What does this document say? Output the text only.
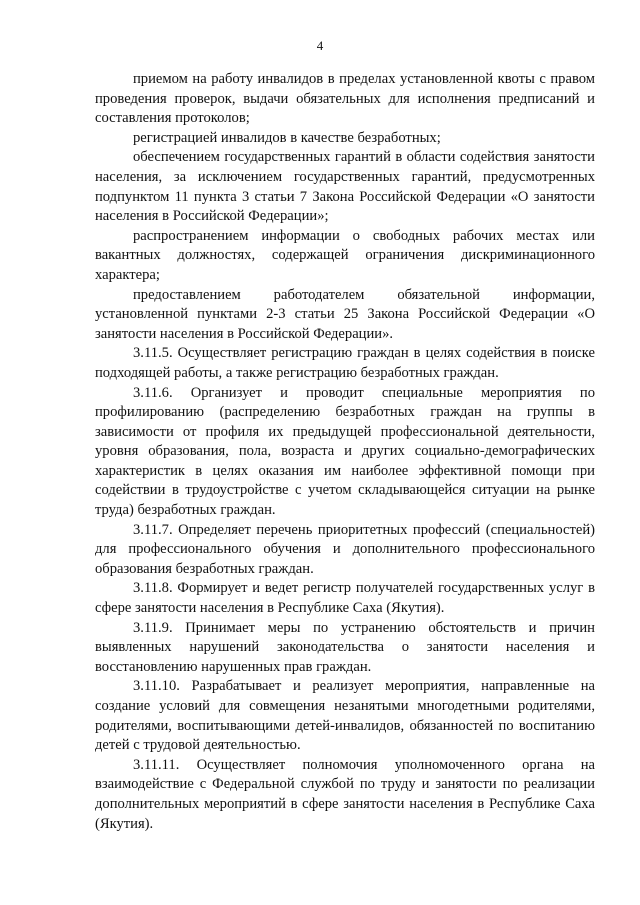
4

приемом на работу инвалидов в пределах установленной квоты с правом проведения проверок, выдачи обязательных для исполнения предписаний и составления протоколов;

регистрацией инвалидов в качестве безработных;

обеспечением государственных гарантий в области содействия занятости населения, за исключением государственных гарантий, предусмотренных подпунктом 11 пункта 3 статьи 7 Закона Российской Федерации «О занятости населения в Российской Федерации»;

распространением информации о свободных рабочих местах или вакантных должностях, содержащей ограничения дискриминационного характера;

предоставлением работодателем обязательной информации, установленной пунктами 2-3 статьи 25 Закона Российской Федерации «О занятости населения в Российской Федерации».

3.11.5. Осуществляет регистрацию граждан в целях содействия в поиске подходящей работы, а также регистрацию безработных граждан.

3.11.6. Организует и проводит специальные мероприятия по профилированию (распределению безработных граждан на группы в зависимости от профиля их предыдущей профессиональной деятельности, уровня образования, пола, возраста и других социально-демографических характеристик в целях оказания им наиболее эффективной помощи при содействии в трудоустройстве с учетом складывающейся ситуации на рынке труда) безработных граждан.

3.11.7. Определяет перечень приоритетных профессий (специальностей) для профессионального обучения и дополнительного профессионального образования безработных граждан.

3.11.8. Формирует и ведет регистр получателей государственных услуг в сфере занятости населения в Республике Саха (Якутия).

3.11.9. Принимает меры по устранению обстоятельств и причин выявленных нарушений законодательства о занятости населения и восстановлению нарушенных прав граждан.

3.11.10. Разрабатывает и реализует мероприятия, направленные на создание условий для совмещения незанятыми многодетными родителями, родителями, воспитывающими детей-инвалидов, обязанностей по воспитанию детей с трудовой деятельностью.

3.11.11. Осуществляет полномочия уполномоченного органа на взаимодействие с Федеральной службой по труду и занятости по реализации дополнительных мероприятий в сфере занятости населения в Республике Саха (Якутия).
